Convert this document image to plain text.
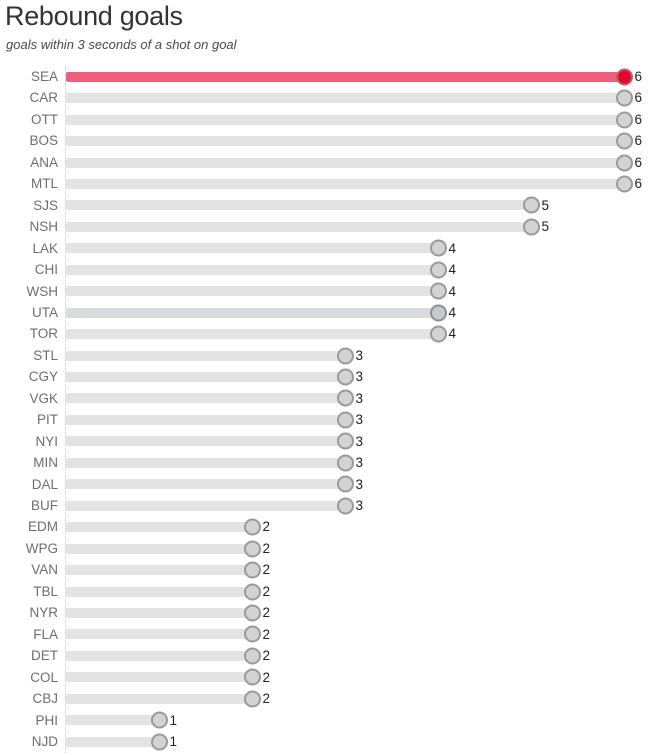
Rebound goals
goals within 3 seconds of a shot on goal
SEA	6
CAR	6
OTT	6
BOS	6
ANA	6
MTL	6
SJS	5
NSH	5
LAK	4
CHI	4
WSH	4
UTA	4
TOR	4
STL	3
CGY	3
VGK	3
PIT	3
NYI	3
MIN	3
DAL	3
BUF	3
EDM	2
WPG	2
VAN	2
TBL	2
NYR	2
FLA	2
DET	2
COL	2
CBJ	2
PHI	1
NJD	1
